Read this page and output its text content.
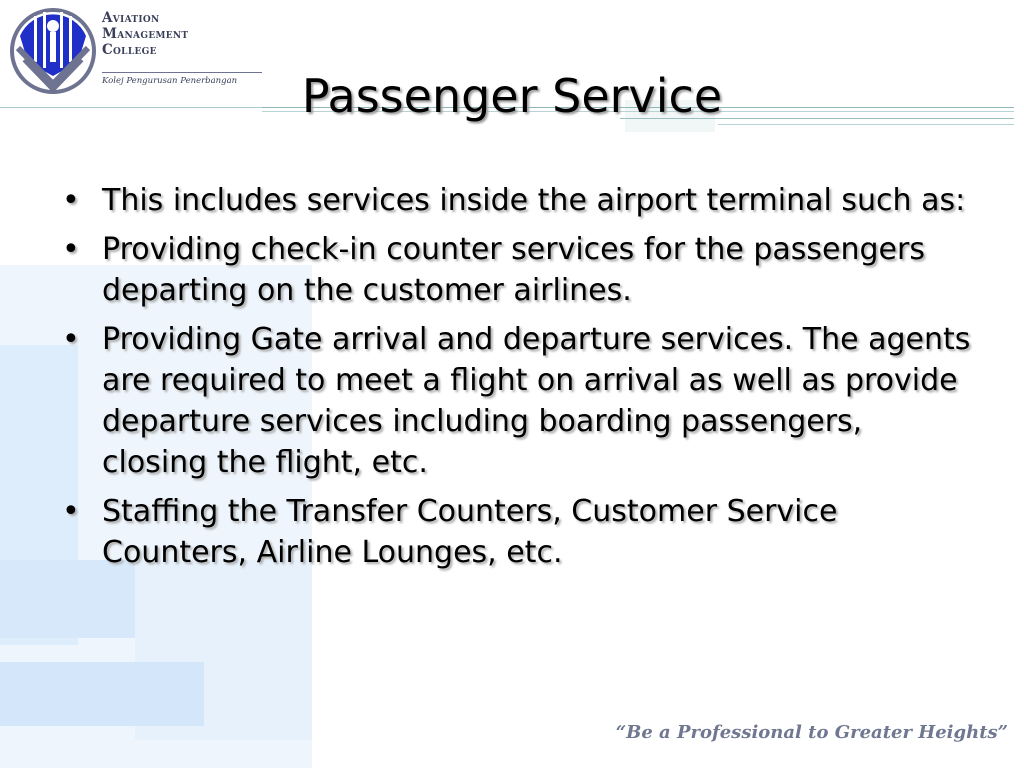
Aviation
Management
College
Kolej Pengurusan Penerbangan	Passenger Service
• This includes services inside the airport terminal such as:
• Providing check-in counter services for the passengers departing on the customer airlines.
• Providing Gate arrival and departure services. The agents are required to meet a flight on arrival as well as provide departure services including boarding passengers, closing the flight, etc.
• Staffing the Transfer Counters, Customer Service Counters, Airline Lounges, etc.
“Be a Professional to Greater Heights”
